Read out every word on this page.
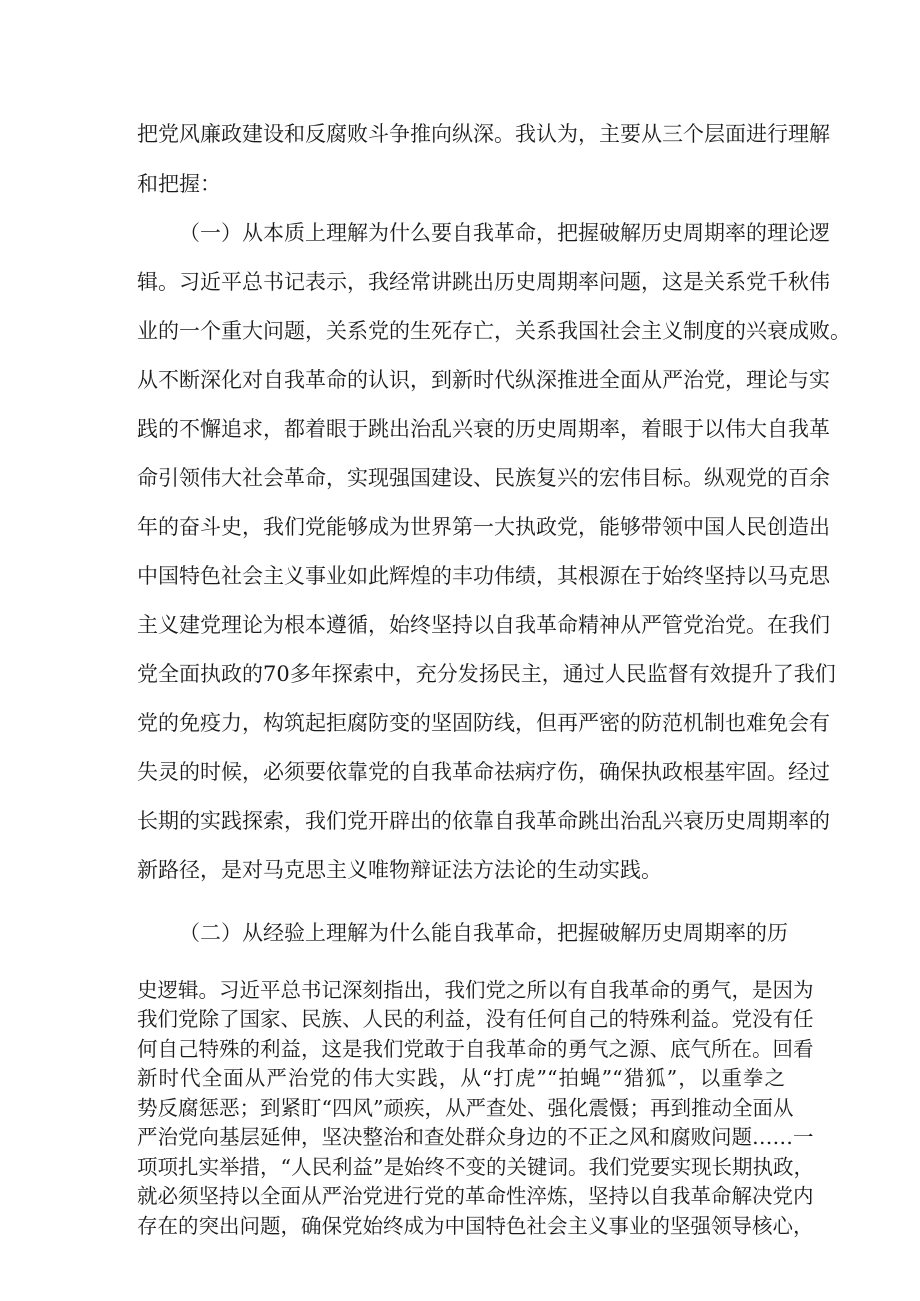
把党风廉政建设和反腐败斗争推向纵深。我认为，主要从三个层面进行理解
和把握：
（一）从本质上理解为什么要自我革命，把握破解历史周期率的理论逻
辑。习近平总书记表示，我经常讲跳出历史周期率问题，这是关系党千秋伟
业的一个重大问题，关系党的生死存亡，关系我国社会主义制度的兴衰成败。
从不断深化对自我革命的认识，到新时代纵深推进全面从严治党，理论与实
践的不懈追求，都着眼于跳出治乱兴衰的历史周期率，着眼于以伟大自我革
命引领伟大社会革命，实现强国建设、民族复兴的宏伟目标。纵观党的百余
年的奋斗史，我们党能够成为世界第一大执政党，能够带领中国人民创造出
中国特色社会主义事业如此辉煌的丰功伟绩，其根源在于始终坚持以马克思
主义建党理论为根本遵循，始终坚持以自我革命精神从严管党治党。在我们
党全面执政的70多年探索中，充分发扬民主，通过人民监督有效提升了我们
党的免疫力，构筑起拒腐防变的坚固防线，但再严密的防范机制也难免会有
失灵的时候，必须要依靠党的自我革命祛病疗伤，确保执政根基牢固。经过
长期的实践探索，我们党开辟出的依靠自我革命跳出治乱兴衰历史周期率的
新路径，是对马克思主义唯物辩证法方法论的生动实践。
（二）从经验上理解为什么能自我革命，把握破解历史周期率的历
史逻辑。习近平总书记深刻指出，我们党之所以有自我革命的勇气，是因为
我们党除了国家、民族、人民的利益，没有任何自己的特殊利益。党没有任
何自己特殊的利益，这是我们党敢于自我革命的勇气之源、底气所在。回看
新时代全面从严治党的伟大实践，从“打虎”“拍蝇”“猎狐”，以重拳之
势反腐惩恶；到紧盯“四风”顽疾，从严查处、强化震慑；再到推动全面从
严治党向基层延伸，坚决整治和查处群众身边的不正之风和腐败问题……一
项项扎实举措，“人民利益”是始终不变的关键词。我们党要实现长期执政，
就必须坚持以全面从严治党进行党的革命性淬炼，坚持以自我革命解决党内
存在的突出问题，确保党始终成为中国特色社会主义事业的坚强领导核心，
